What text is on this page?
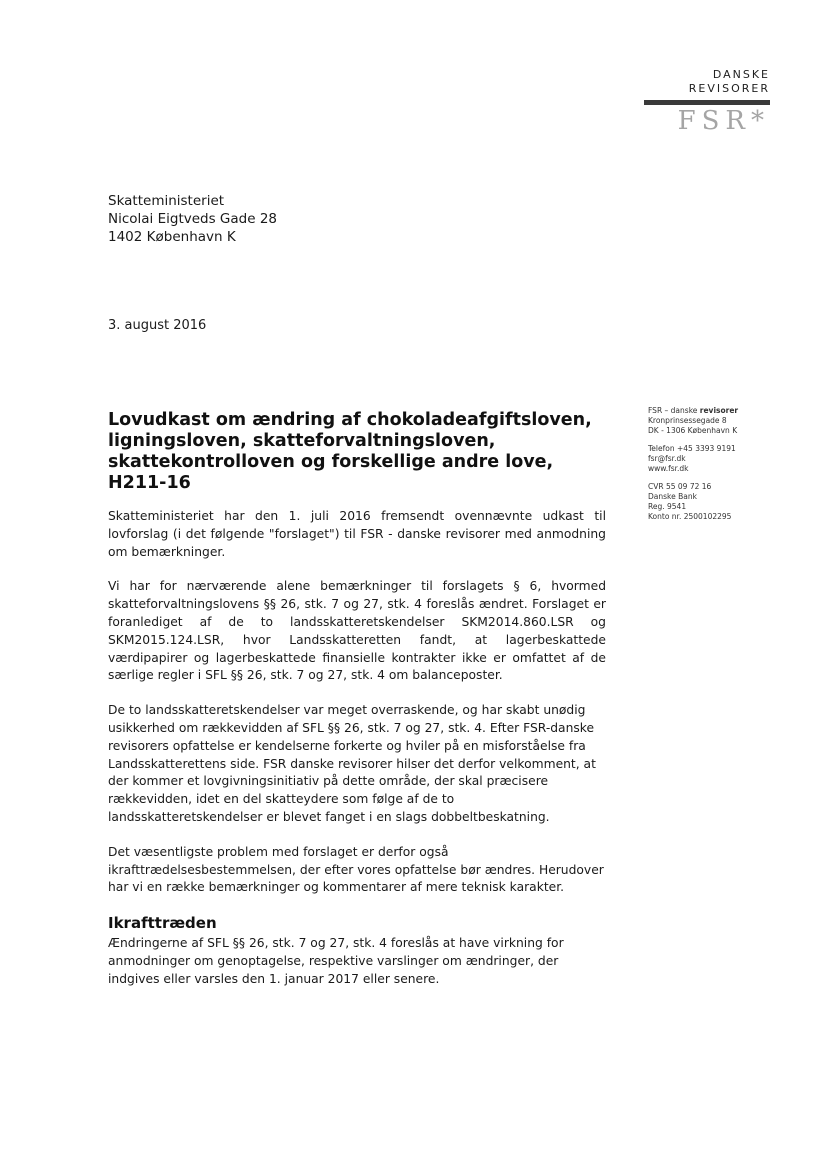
DANSKE
REVISORER
FSR*
Skatteministeriet
Nicolai Eigtveds Gade 28
1402 København K
3. august 2016
FSR – danske revisorer
Kronprinsessegade 8
DK - 1306 København K
Telefon +45 3393 9191
fsr@fsr.dk
www.fsr.dk
CVR 55 09 72 16
Danske Bank
Reg. 9541
Konto nr. 2500102295
Lovudkast om ændring af chokoladeafgiftsloven, ligningsloven, skatteforvaltningsloven, skattekontrolloven og forskellige andre love, H211-16

Skatteministeriet har den 1. juli 2016 fremsendt ovennævnte udkast til lovforslag (i det følgende "forslaget") til FSR - danske revisorer med anmodning om bemærkninger.

Vi har for nærværende alene bemærkninger til forslagets § 6, hvormed skatteforvaltningslovens §§ 26, stk. 7 og 27, stk. 4 foreslås ændret. Forslaget er foranlediget af de to landsskatteretskendelser SKM2014.860.LSR og SKM2015.124.LSR, hvor Landsskatteretten fandt, at lagerbeskattede værdipapirer og lagerbeskattede finansielle kontrakter ikke er omfattet af de særlige regler i SFL §§ 26, stk. 7 og 27, stk. 4 om balanceposter.

De to landsskatteretskendelser var meget overraskende, og har skabt unødig usikkerhed om rækkevidden af SFL §§ 26, stk. 7 og 27, stk. 4. Efter FSR-danske revisorers opfattelse er kendelserne forkerte og hviler på en misforståelse fra Landsskatterettens side. FSR danske revisorer hilser det derfor velkomment, at der kommer et lovgivningsinitiativ på dette område, der skal præcisere rækkevidden, idet en del skatteydere som følge af de to landsskatteretskendelser er blevet fanget i en slags dobbeltbeskatning.

Det væsentligste problem med forslaget er derfor også ikrafttrædelsesbestemmelsen, der efter vores opfattelse bør ændres. Herudover har vi en række bemærkninger og kommentarer af mere teknisk karakter.

Ikrafttræden

Ændringerne af SFL §§ 26, stk. 7 og 27, stk. 4 foreslås at have virkning for anmodninger om genoptagelse, respektive varslinger om ændringer, der indgives eller varsles den 1. januar 2017 eller senere.
